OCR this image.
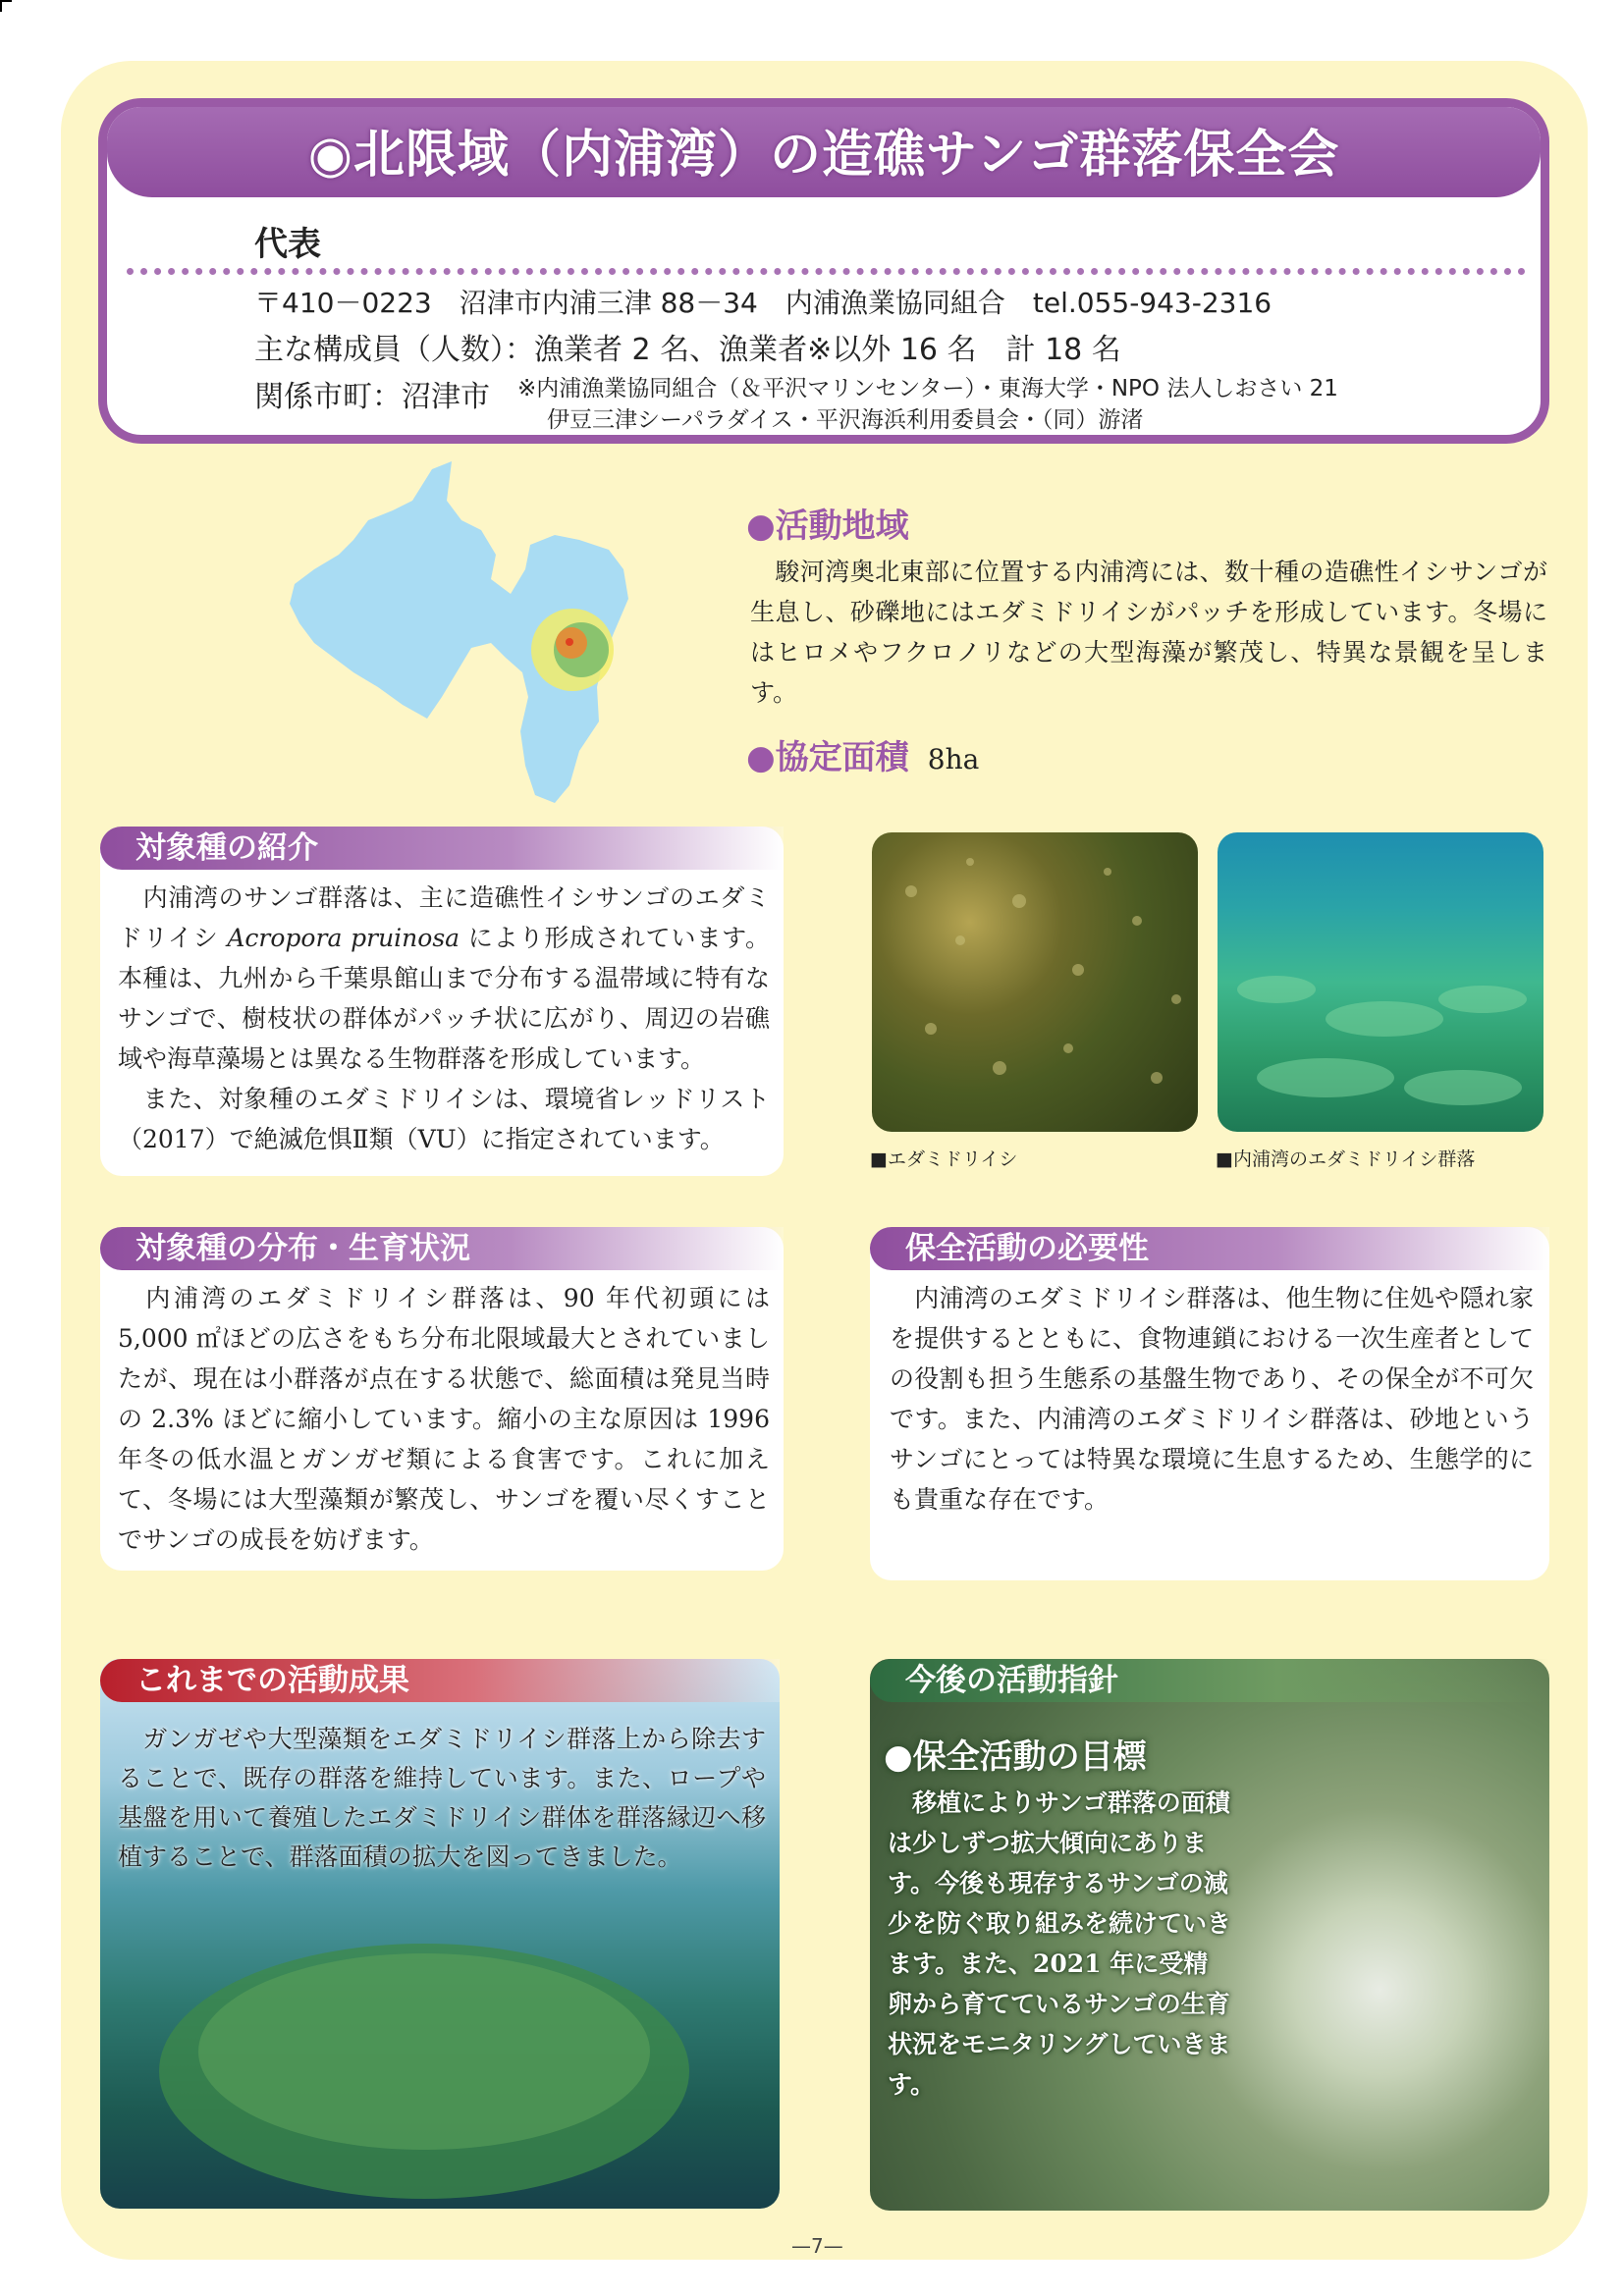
◉北限域（内浦湾）の造礁サンゴ群落保全会
代表
〒410－0223　沼津市内浦三津 88－34　内浦漁業協同組合　tel.055-943-2316
主な構成員（人数）：漁業者 2 名、漁業者※以外 16 名　計 18 名
関係市町：沼津市 ※内浦漁業協同組合（＆平沢マリンセンター）・東海大学・NPO 法人しおさい 21
伊豆三津シーパラダイス・平沢海浜利用委員会・（同）游渚
●活動地域
　駿河湾奥北東部に位置する内浦湾には、数十種の造礁性イシサンゴが生息し、砂礫地にはエダミドリイシがパッチを形成しています。冬場にはヒロメやフクロノリなどの大型海藻が繁茂し、特異な景観を呈します。
●協定面積 8ha
対象種の紹介
　内浦湾のサンゴ群落は、主に造礁性イシサンゴのエダミドリイシ Acropora pruinosa により形成されています。本種は、九州から千葉県館山まで分布する温帯域に特有なサンゴで、樹枝状の群体がパッチ状に広がり、周辺の岩礁域や海草藻場とは異なる生物群落を形成しています。
　また、対象種のエダミドリイシは、環境省レッドリスト（2017）で絶滅危惧Ⅱ類（VU）に指定されています。
■エダミドリイシ	■内浦湾のエダミドリイシ群落
対象種の分布・生育状況
　内浦湾のエダミドリイシ群落は、90 年代初頭には 5,000 ㎡ほどの広さをもち分布北限域最大とされていましたが、現在は小群落が点在する状態で、総面積は発見当時の 2.3% ほどに縮小しています。縮小の主な原因は 1996 年冬の低水温とガンガゼ類による食害です。これに加えて、冬場には大型藻類が繁茂し、サンゴを覆い尽くすことでサンゴの成長を妨げます。
保全活動の必要性
　内浦湾のエダミドリイシ群落は、他生物に住処や隠れ家を提供するとともに、食物連鎖における一次生産者としての役割も担う生態系の基盤生物であり、その保全が不可欠です。また、内浦湾のエダミドリイシ群落は、砂地というサンゴにとっては特異な環境に生息するため、生態学的にも貴重な存在です。
これまでの活動成果
　ガンガゼや大型藻類をエダミドリイシ群落上から除去することで、既存の群落を維持しています。また、ロープや基盤を用いて養殖したエダミドリイシ群体を群落縁辺へ移植することで、群落面積の拡大を図ってきました。
今後の活動指針
●保全活動の目標
　移植によりサンゴ群落の面積は少しずつ拡大傾向にあります。今後も現存するサンゴの減少を防ぐ取り組みを続けていきます。また、2021 年に受精卵から育てているサンゴの生育状況をモニタリングしていきます。
—7—
